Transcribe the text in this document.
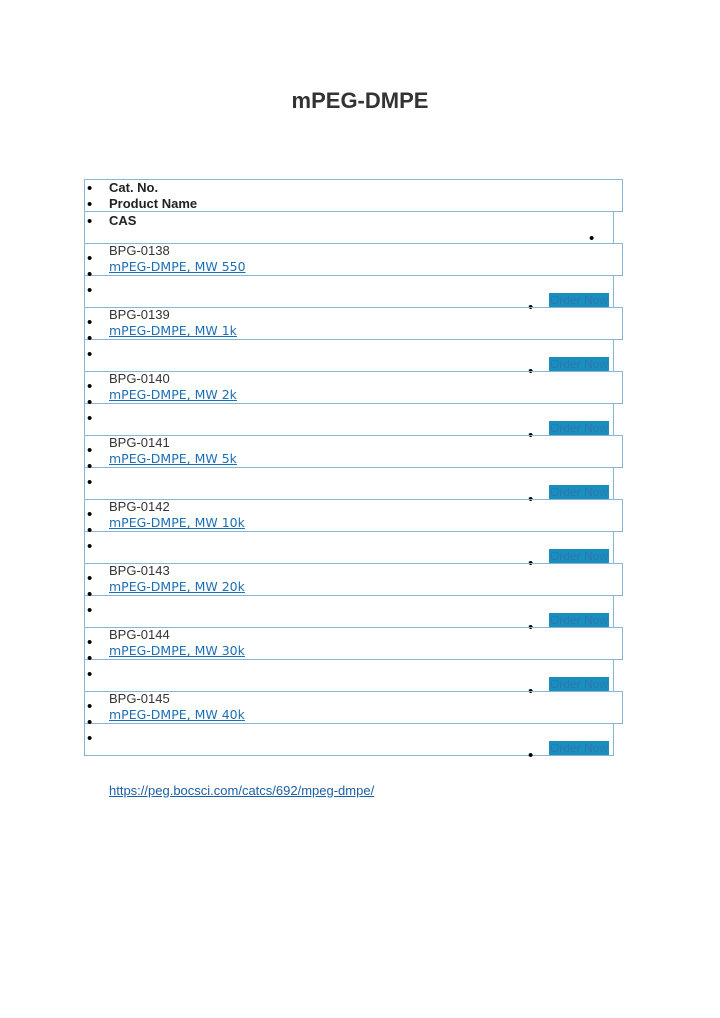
mPEG-DMPE
• Cat. No.
• Product Name
• CAS
•
• BPG-0138
• mPEG-DMPE, MW 550
•
• Order Now
• BPG-0139
• mPEG-DMPE, MW 1k
•
• Order Now
• BPG-0140
• mPEG-DMPE, MW 2k
•
• Order Now
• BPG-0141
• mPEG-DMPE, MW 5k
•
• Order Now
• BPG-0142
• mPEG-DMPE, MW 10k
•
• Order Now
• BPG-0143
• mPEG-DMPE, MW 20k
•
• Order Now
• BPG-0144
• mPEG-DMPE, MW 30k
•
• Order Now
• BPG-0145
• mPEG-DMPE, MW 40k
•
• Order Now
https://peg.bocsci.com/catcs/692/mpeg-dmpe/
